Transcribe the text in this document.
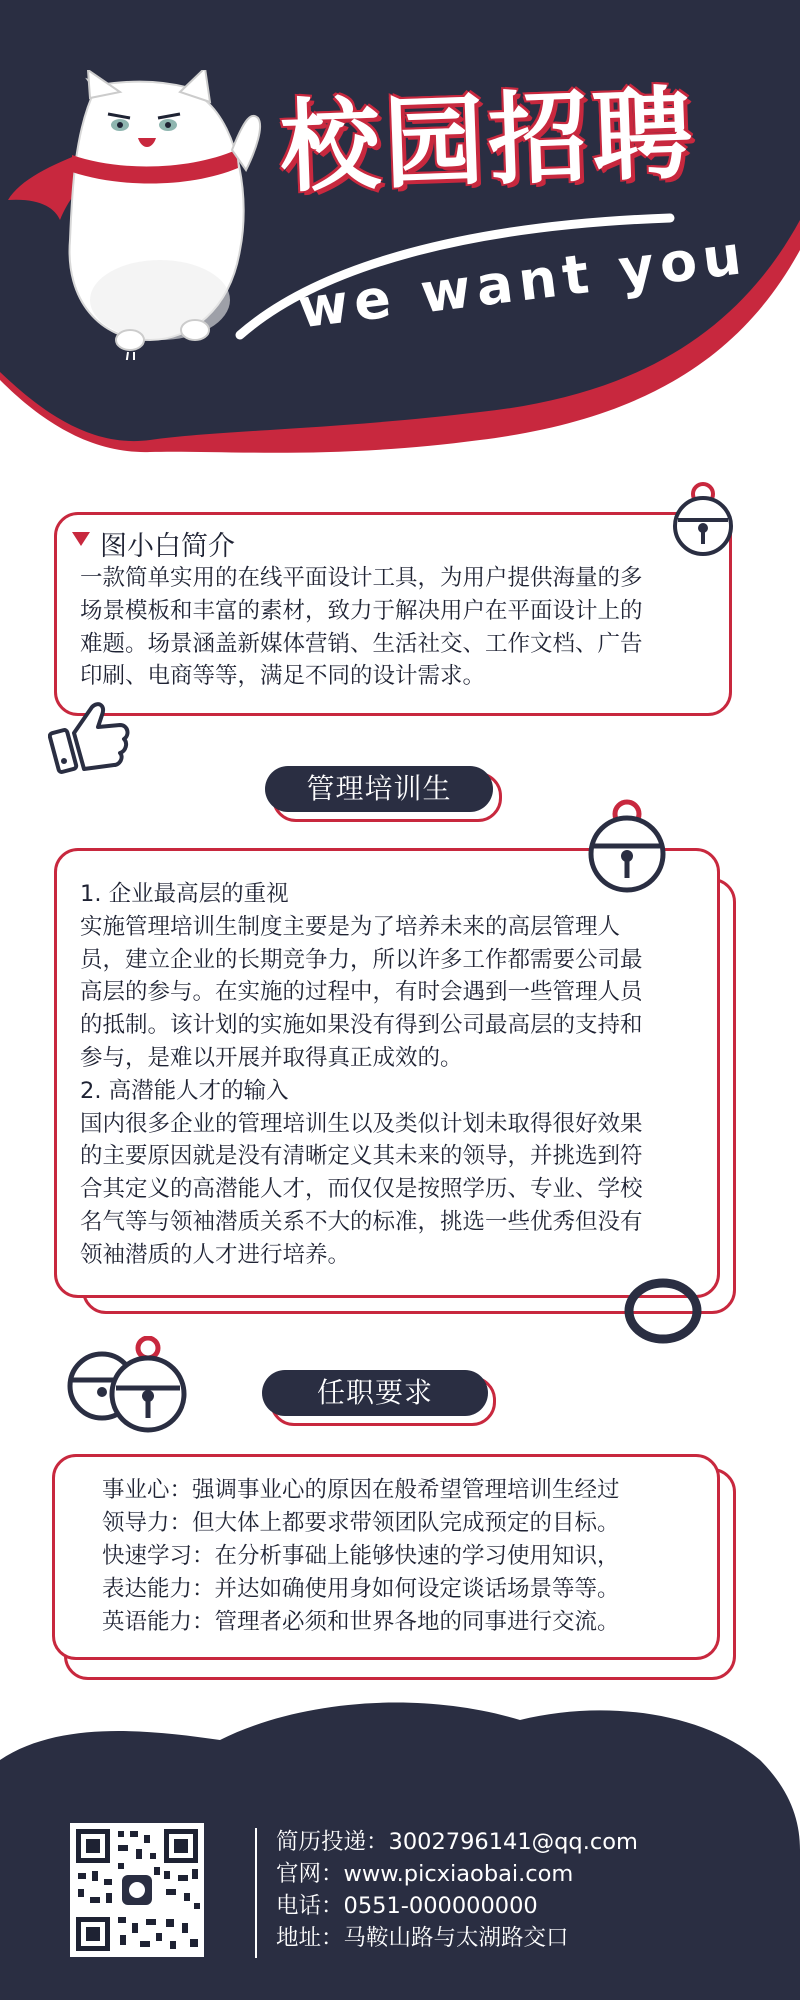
校园招聘
we want you
图小白简介
一款简单实用的在线平面设计工具，为用户提供海量的多
场景模板和丰富的素材，致力于解决用户在平面设计上的
难题。场景涵盖新媒体营销、生活社交、工作文档、广告
印刷、电商等等，满足不同的设计需求。
管理培训生
1. 企业最高层的重视
实施管理培训生制度主要是为了培养未来的高层管理人
员，建立企业的长期竞争力，所以许多工作都需要公司最
高层的参与。在实施的过程中，有时会遇到一些管理人员
的抵制。该计划的实施如果没有得到公司最高层的支持和
参与，是难以开展并取得真正成效的。
2. 高潜能人才的输入
国内很多企业的管理培训生以及类似计划未取得很好效果
的主要原因就是没有清晰定义其未来的领导，并挑选到符
合其定义的高潜能人才，而仅仅是按照学历、专业、学校
名气等与领袖潜质关系不大的标准，挑选一些优秀但没有
领袖潜质的人才进行培养。
任职要求
事业心：强调事业心的原因在般希望管理培训生经过
领导力：但大体上都要求带领团队完成预定的目标。
快速学习：在分析事础上能够快速的学习使用知识，
表达能力：并达如确使用身如何设定谈话场景等等。
英语能力：管理者必须和世界各地的同事进行交流。
简历投递：3002796141@qq.com
官网：www.picxiaobai.com
电话：0551-000000000
地址：马鞍山路与太湖路交口
